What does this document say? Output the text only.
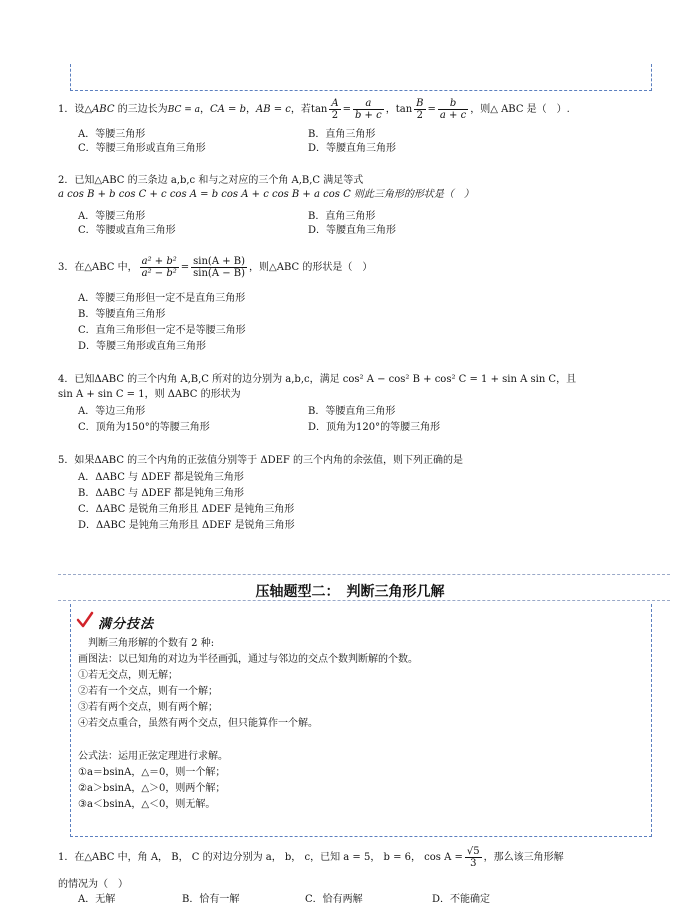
1．设△ABC 的三边长为BC = a，CA = b，AB = c，若$\tan \frac{A}{2} = \frac{a}{b + c}$ ，$\tan \frac{B}{2} = \frac{b}{a + c}$ ，则△ ABC 是（　）.
A．等腰三角形	B．直角三角形
C．等腰三角形或直角三角形	D．等腰直角三角形
2．已知△ABC 的三条边 a,b,c 和与之对应的三个角 A,B,C 满足等式
a cos B + b cos C + c cos A = b cos A + c cos B + a cos C 则此三角形的形状是（　）
A．等腰三角形	B．直角三角形
C．等腰或直角三角形	D．等腰直角三角形
3．在△ABC 中， $\frac{\text{a² + b²}}{\text{a² − b²}} = \frac{\sin(A + B)}{\sin(A - B)}$ ，则△ABC 的形状是（　）
A．等腰三角形但一定不是直角三角形
B．等腰直角三角形
C．直角三角形但一定不是等腰三角形
D．等腰三角形或直角三角形
4．已知ΔABC 的三个内角 A,B,C 所对的边分别为 a,b,c，满足 cos² A − cos² B + cos² C = 1 + sin A sin C，且
sin A + sin C = 1，则 ΔABC 的形状为
A．等边三角形	B．等腰直角三角形
C．顶角为150°的等腰三角形	D．顶角为120°的等腰三角形
5．如果ΔABC 的三个内角的正弦值分别等于 ΔDEF 的三个内角的余弦值，则下列正确的是
A．ΔABC 与 ΔDEF 都是锐角三角形
B．ΔABC 与 ΔDEF 都是钝角三角形
C．ΔABC 是锐角三角形且 ΔDEF 是钝角三角形
D．ΔABC 是钝角三角形且 ΔDEF 是锐角三角形
压轴题型二：　判断三角形几解
满分技法
　判断三角形解的个数有 2 种:
画图法：以已知角的对边为半径画弧，通过与邻边的交点个数判断解的个数。
①若无交点，则无解；
②若有一个交点，则有一个解；
③若有两个交点，则有两个解；
④若交点重合，虽然有两个交点，但只能算作一个解。
公式法：运用正弦定理进行求解。
①a＝bsinA，△＝0，则一个解；
②a＞bsinA，△＞0，则两个解；
③a＜bsinA，△＜0，则无解。
1．在△ABC 中，角 A， B， C 的对边分别为 a， b， c，已知 a = 5， b = 6， $\cos A = \frac{√5}{3}$ ，那么该三角形解
的情况为（　）
A．无解	B．恰有一解	C．恰有两解	D．不能确定
